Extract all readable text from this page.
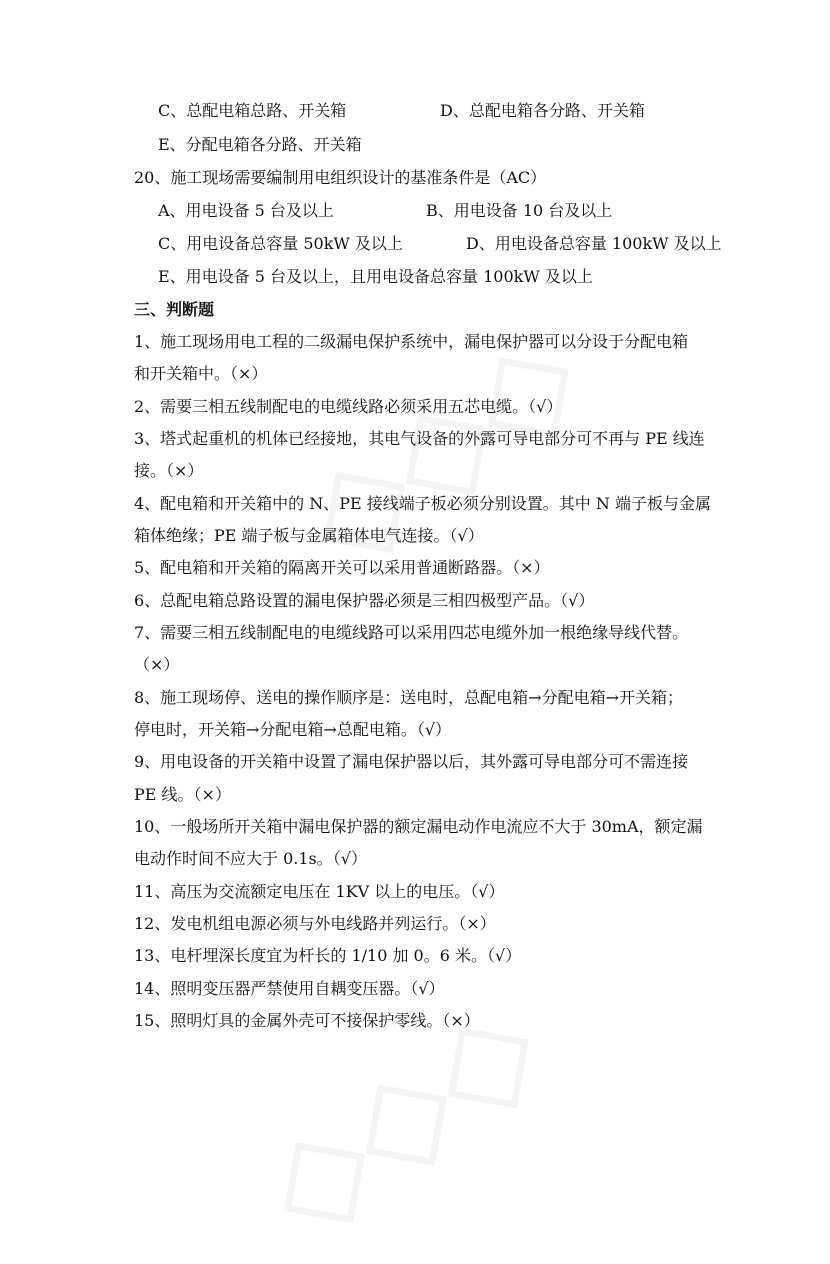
C、总配电箱总路、开关箱	D、总配电箱各分路、开关箱
E、分配电箱各分路、开关箱
20、施工现场需要编制用电组织设计的基准条件是（AC）
A、用电设备 5 台及以上	B、用电设备 10 台及以上
C、用电设备总容量 50kW 及以上	D、用电设备总容量 100kW 及以上
E、用电设备 5 台及以上，且用电设备总容量 100kW 及以上
三、判断题
1、施工现场用电工程的二级漏电保护系统中，漏电保护器可以分设于分配电箱
和开关箱中。（×）
2、需要三相五线制配电的电缆线路必须采用五芯电缆。（√）
3、塔式起重机的机体已经接地，其电气设备的外露可导电部分可不再与 PE 线连
接。（×）
4、配电箱和开关箱中的 N、PE 接线端子板必须分别设置。其中 N 端子板与金属
箱体绝缘；PE 端子板与金属箱体电气连接。（√）
5、配电箱和开关箱的隔离开关可以采用普通断路器。（×）
6、总配电箱总路设置的漏电保护器必须是三相四极型产品。（√）
7、需要三相五线制配电的电缆线路可以采用四芯电缆外加一根绝缘导线代替。
（×）
8、施工现场停、送电的操作顺序是：送电时，总配电箱→分配电箱→开关箱；
停电时，开关箱→分配电箱→总配电箱。（√）
9、用电设备的开关箱中设置了漏电保护器以后，其外露可导电部分可不需连接
PE 线。（×）
10、一般场所开关箱中漏电保护器的额定漏电动作电流应不大于 30mA，额定漏
电动作时间不应大于 0.1s。（√）
11、高压为交流额定电压在 1KV 以上的电压。（√）
12、发电机组电源必须与外电线路并列运行。（×）
13、电杆埋深长度宜为杆长的 1/10 加 0。6 米。（√）
14、照明变压器严禁使用自耦变压器。（√）
15、照明灯具的金属外壳可不接保护零线。（×）
